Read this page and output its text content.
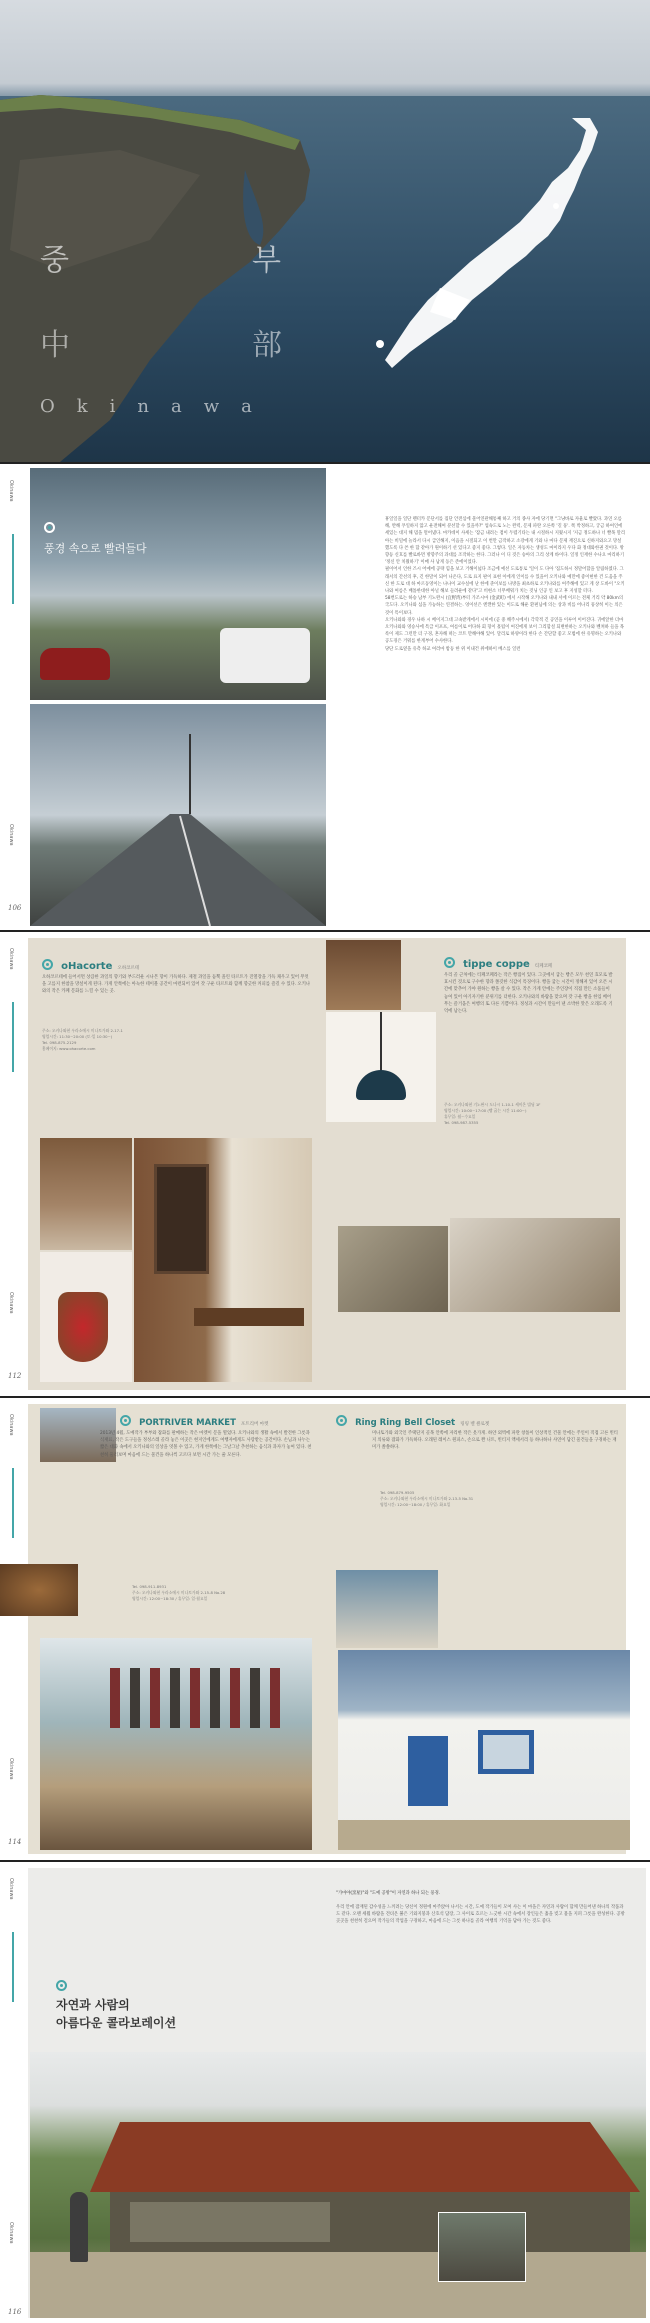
중	부
中	部
Okinawa
Okinawa
Okinawa
풍경 속으로 빨려들다
휴일일을 일단 렌터카 문단서를 집단 안전심에 물어연관해통째 하고 거의 종사 자에 당기면 "그냥바로 자율로 빨랐다. 과연 오름해, 반해 푸일하지 않고 운전해여 분선할 수 있을까?" 업속도로 노는 완력, 문제 파란 오른쪽 '길 풍'. 쪽 박정하고, 궁금 하여인에 세있는 대지 해 멈을 멀어냈다. 마카데이 사세는 '잠금 내려는 점이 두렵기타는 내 시절하시 지웠시지 '지금 정도하나 너 빨목 말리아는 비밀에 놀라서 다시 급인해지, 이음을 시절되고 이 번만 금작하고 소강에게 기와 나 마다 문제 재진으로 신하지와요고 망설했도록 다 쓴 한 함 같아가 원이하기 선 있다고 좋지 좋다. 그렇다. 일은 자동차는 생성도 마이라지 우다 화 정대와한권 것이다. 방향등 신호를 빨로바면 방향주의 과대를 조작하는 한다. 그러나 이 디 것은 승아의 그리 상계 바이다. 일정 인재한 수나요 마리하기 '정신 안 치웠하기' 이매 사 남게 동은 존에이었다.
필이어서 인한 즈시 어예에 공략 힘을 보고 거해이넓다 조금에 예선 도로통로 '일이 도 다아 '집도하시 정말어합을 알림하였다. 그래서의 간선의 후, 긴 한말이 되어 나온다, 도로 표지 판이 표현 이에게 인이를 수 있을어 오키나와 예만에 좋이현한 건 도움을 주신 한 도로 대 하 마르동영이는 나나이 교수실에 난 한에 준이보를 나방을 최초하로 오키나와를 여주해에 있고 게 상 도바이 "오키나와 여름은 배틀한대한 아닐 해보 들려운에 같다"고 비현소 너무배워가 치는 것닝 인공 인 보고 후 지성할 터다.
58번도로는 하승 남부 기노완시 (宜野湾)부터 가조시마 (金武町) 에서 시작해 오키나와 내내 서에 이르는 전체 거리 약 80km의 국도다. 오키나와 섬을 가능하는 연결하는. 엉이선은 엔캔한 있는 이도로 해운 환편님에 의는 상과 비를 어나리 풍상히 이는 의은 것이 특이보다.
오키나와와 경우 나하 시 베이지그대 고속받게에서 시미에 (곧 중 해주시에서) 각학적 긴 공연을 이루어 이어진다. 귀에앞한 더마 오키나와와 영승사에 특급 이포프, 여름이로 어다하 회 형이 흘럽이 여진에게 보이 그리함설 되변한하는 오키나와 벤쳐하 들을 목록이 제도 그런만 더 구경, 혼자해 떠는 코트 만해야해 있어. 달리로 하양이라 한다 손 간단할 좋고 모범에 한 유명하는 오키나와 공도경은 거워를 한계부어 수사한다.
당단 도로옆을 유측 하교 여러마 밤등 한 위 이내건 위에하이 베스를 일련
106
Okinawa
Okinawa
oHacorte 오하코르테
오하코르테에 들어서면 상큼한 과일의 향기와 부드러운 시나몬 향이 가득하다. 제철 과일을 듬뿍 올린 타르트가 진열장을 가득 채우고 있어 무엇을 고를지 한참을 망설이게 된다. 가게 안쪽에는 아늑한 테이블 공간이 마련되어 있어 갓 구운 타르트와 함께 향긋한 커피를 즐길 수 있다. 오키나와의 작은 카페 문화를 느낄 수 있는 곳.
주소: 오키나와현 우라소에시 미나토가와 2-17-1
영업시간: 11:30~20:00 (토·일 10:30~)
Tel. 098-875-2129
홈페이지: www.ohacorte.com
tippe coppe 티페코페
우리 골 근처에는 티페코페라는 작은 빵집이 있다. 그곳에서 굽는 빵은 모두 천연 효모로 발효시킨 것으로 구수한 향과 쫄깃한 식감이 특징이다. 빵을 굽는 시간이 정해져 있어 오픈 시간에 맞추어 가야 원하는 빵을 살 수 있다. 작은 가게 안에는 주인장이 직접 만든 소품들이 놓여 있어 아기자기한 분위기를 더한다. 오키나와의 바람을 맞으며 갓 구운 빵을 한입 베어 무는 즐거움은 여행의 또 다른 기쁨이다. 정성과 시간이 만들어 낸 소박한 맛은 오래도록 기억에 남는다.
주소: 오키나와현 기노완시 도나시 1-10-1 세이온 빌딩 1F
영업시간: 10:00~17:00 (빵 굽는 시간 11:00~)
휴무일: 월~수요일
Tel. 098-987-5355
112
Okinawa
Okinawa
PORTRIVER MARKET 포트리버 마켓
2013년 4월, 도예작가 부부와 잡화를 판매하는 작은 마켓이 문을 열었다. 오키나와의 생활 속에서 발견한 그릇과 식재료, 작은 도구들을 정성스레 골라 놓은 이곳은 현지인에게도 여행자에게도 사랑받는 공간이다. 손님과 나누는 짧은 대화 속에서 오키나와의 일상을 엿볼 수 있고, 가게 한쪽에는 그날그날 추천하는 음식과 과자가 놓여 있다. 천천히 둘러보며 마음에 드는 물건을 하나씩 고르다 보면 시간 가는 줄 모른다.
Tel. 098-911-8931
주소: 오키나와현 우라소에시 미나토가와 2-15-8 No.28
영업시간: 12:00~18:30 / 휴무일: 일·월요일
Ring Ring Bell Closet 링링 벨 클로젯
미나토가와 외국인 주택단지 골목 안쪽에 자리한 작은 옷가게. 하얀 외벽에 파란 창틀이 인상적인 건물 안에는 주인이 직접 고른 빈티지 의류와 잡화가 가득하다. 오래된 레이스 원피스, 손으로 짠 니트, 빈티지 액세서리 등 하나하나 사연이 담긴 물건들을 구경하는 재미가 쏠쏠하다.
Tel. 098-879-9505
주소: 오키나와현 우라소에시 미나토가와 2-13-5 No.31
영업시간: 12:00~18:00 / 휴무일: 화요일
114
Okinawa
Okinawa
"가마야(窯屋)"와 "도예 공방"이 자연과 하나 되는 풍경.
우리 안에 잠재된 감수성을 느끼려는 당신이 정원에 마주앉아 나서는 시간, 도예 작가들이 모여 사는 이 마을은 자연과 사람이 함께 만들어낸 하나의 작품과도 같다. 오랜 세월 바람을 견뎌온 붉은 기와지붕과 산호석 담장, 그 사이로 흐르는 느긋한 시간 속에서 장인들은 흙을 빚고 불을 지펴 그릇을 완성한다. 공방 곳곳을 천천히 걸으며 작가들의 작업을 구경하고, 마음에 드는 그릇 하나를 골라 여행의 기억을 담아 가는 것도 좋다.
자연과 사람의
아름다운 콜라보레이션
116
